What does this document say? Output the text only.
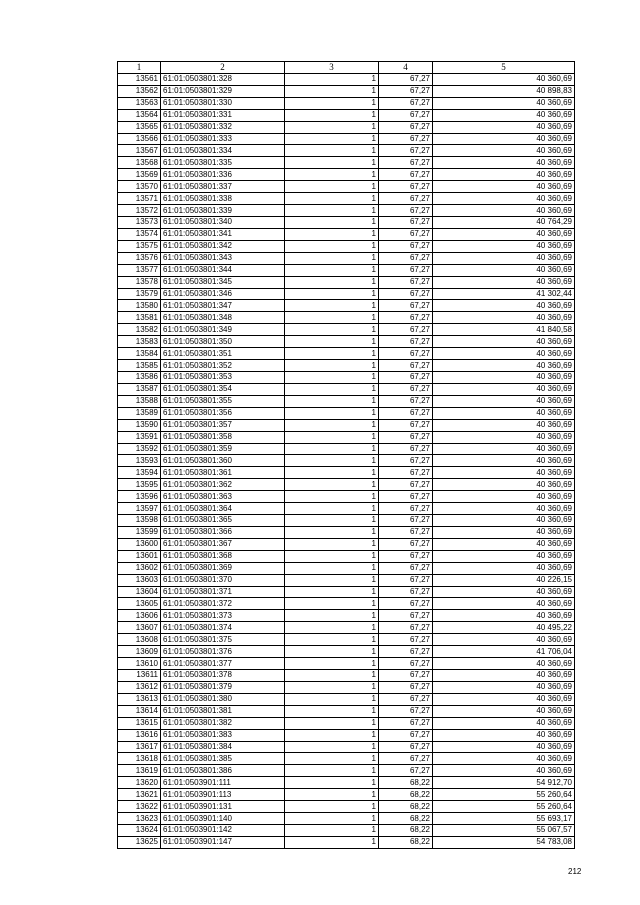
1	2	3	4	5
13561	61:01:0503801:328	1	67,27	40 360,69
13562	61:01:0503801:329	1	67,27	40 898,83
13563	61:01:0503801:330	1	67,27	40 360,69
13564	61:01:0503801:331	1	67,27	40 360,69
13565	61:01:0503801:332	1	67,27	40 360,69
13566	61:01:0503801:333	1	67,27	40 360,69
13567	61:01:0503801:334	1	67,27	40 360,69
13568	61:01:0503801:335	1	67,27	40 360,69
13569	61:01:0503801:336	1	67,27	40 360,69
13570	61:01:0503801:337	1	67,27	40 360,69
13571	61:01:0503801:338	1	67,27	40 360,69
13572	61:01:0503801:339	1	67,27	40 360,69
13573	61:01:0503801:340	1	67,27	40 764,29
13574	61:01:0503801:341	1	67,27	40 360,69
13575	61:01:0503801:342	1	67,27	40 360,69
13576	61:01:0503801:343	1	67,27	40 360,69
13577	61:01:0503801:344	1	67,27	40 360,69
13578	61:01:0503801:345	1	67,27	40 360,69
13579	61:01:0503801:346	1	67,27	41 302,44
13580	61:01:0503801:347	1	67,27	40 360,69
13581	61:01:0503801:348	1	67,27	40 360,69
13582	61:01:0503801:349	1	67,27	41 840,58
13583	61:01:0503801:350	1	67,27	40 360,69
13584	61:01:0503801:351	1	67,27	40 360,69
13585	61:01:0503801:352	1	67,27	40 360,69
13586	61:01:0503801:353	1	67,27	40 360,69
13587	61:01:0503801:354	1	67,27	40 360,69
13588	61:01:0503801:355	1	67,27	40 360,69
13589	61:01:0503801:356	1	67,27	40 360,69
13590	61:01:0503801:357	1	67,27	40 360,69
13591	61:01:0503801:358	1	67,27	40 360,69
13592	61:01:0503801:359	1	67,27	40 360,69
13593	61:01:0503801:360	1	67,27	40 360,69
13594	61:01:0503801:361	1	67,27	40 360,69
13595	61:01:0503801:362	1	67,27	40 360,69
13596	61:01:0503801:363	1	67,27	40 360,69
13597	61:01:0503801:364	1	67,27	40 360,69
13598	61:01:0503801:365	1	67,27	40 360,69
13599	61:01:0503801:366	1	67,27	40 360,69
13600	61:01:0503801:367	1	67,27	40 360,69
13601	61:01:0503801:368	1	67,27	40 360,69
13602	61:01:0503801:369	1	67,27	40 360,69
13603	61:01:0503801:370	1	67,27	40 226,15
13604	61:01:0503801:371	1	67,27	40 360,69
13605	61:01:0503801:372	1	67,27	40 360,69
13606	61:01:0503801:373	1	67,27	40 360,69
13607	61:01:0503801:374	1	67,27	40 495,22
13608	61:01:0503801:375	1	67,27	40 360,69
13609	61:01:0503801:376	1	67,27	41 706,04
13610	61:01:0503801:377	1	67,27	40 360,69
13611	61:01:0503801:378	1	67,27	40 360,69
13612	61:01:0503801:379	1	67,27	40 360,69
13613	61:01:0503801:380	1	67,27	40 360,69
13614	61:01:0503801:381	1	67,27	40 360,69
13615	61:01:0503801:382	1	67,27	40 360,69
13616	61:01:0503801:383	1	67,27	40 360,69
13617	61:01:0503801:384	1	67,27	40 360,69
13618	61:01:0503801:385	1	67,27	40 360,69
13619	61:01:0503801:386	1	67,27	40 360,69
13620	61:01:0503901:111	1	68,22	54 912,70
13621	61:01:0503901:113	1	68,22	55 260,64
13622	61:01:0503901:131	1	68,22	55 260,64
13623	61:01:0503901:140	1	68,22	55 693,17
13624	61:01:0503901:142	1	68,22	55 067,57
13625	61:01:0503901:147	1	68,22	54 783,08
212
